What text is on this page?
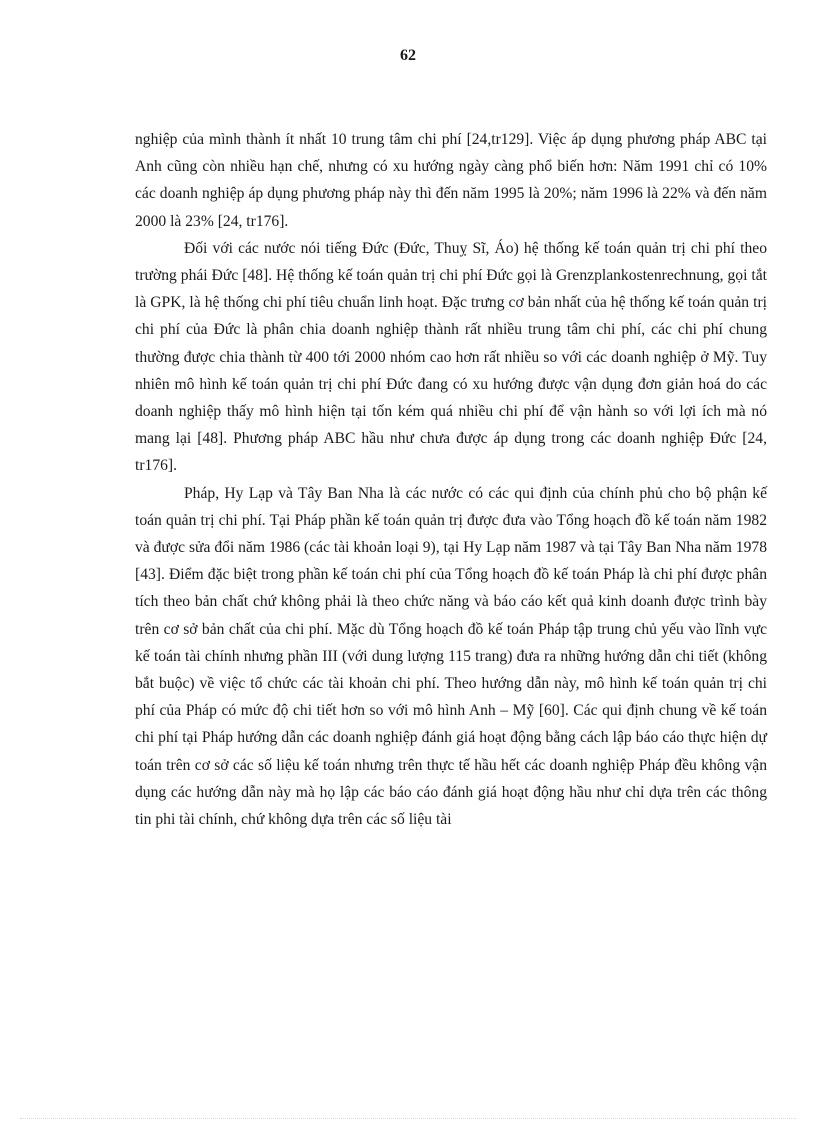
62

nghiệp của mình thành ít nhất 10 trung tâm chi phí [24,tr129]. Việc áp dụng phương pháp ABC tại Anh cũng còn nhiều hạn chế, nhưng có xu hướng ngày càng phổ biến hơn: Năm 1991 chỉ có 10% các doanh nghiệp áp dụng phương pháp này thì đến năm 1995 là 20%; năm 1996 là 22% và đến năm 2000 là 23% [24, tr176].

Đối với các nước nói tiếng Đức (Đức, Thuỵ Sĩ, Áo) hệ thống kế toán quản trị chi phí theo trường phái Đức [48]. Hệ thống kế toán quản trị chi phí Đức gọi là Grenzplankostenrechnung, gọi tắt là GPK, là hệ thống chi phí tiêu chuẩn linh hoạt. Đặc trưng cơ bản nhất của hệ thống kế toán quản trị chi phí của Đức là phân chia doanh nghiệp thành rất nhiều trung tâm chi phí, các chi phí chung thường được chia thành từ 400 tới 2000 nhóm cao hơn rất nhiều so với các doanh nghiệp ở Mỹ. Tuy nhiên mô hình kế toán quản trị chi phí Đức đang có xu hướng được vận dụng đơn giản hoá do các doanh nghiệp thấy mô hình hiện tại tốn kém quá nhiều chi phí để vận hành so với lợi ích mà nó mang lại [48]. Phương pháp ABC hầu như chưa được áp dụng trong các doanh nghiệp Đức [24, tr176].

Pháp, Hy Lạp và Tây Ban Nha là các nước có các qui định của chính phủ cho bộ phận kế toán quản trị chi phí. Tại Pháp phần kế toán quản trị được đưa vào Tổng hoạch đồ kế toán năm 1982 và được sửa đổi năm 1986 (các tài khoản loại 9), tại Hy Lạp năm 1987 và tại Tây Ban Nha năm 1978 [43]. Điểm đặc biệt trong phần kế toán chi phí của Tổng hoạch đồ kế toán Pháp là chi phí được phân tích theo bản chất chứ không phải là theo chức năng và báo cáo kết quả kinh doanh được trình bày trên cơ sở bản chất của chi phí. Mặc dù Tổng hoạch đồ kế toán Pháp tập trung chủ yếu vào lĩnh vực kế toán tài chính nhưng phần III (với dung lượng 115 trang) đưa ra những hướng dẫn chi tiết (không bắt buộc) về việc tổ chức các tài khoản chi phí. Theo hướng dẫn này, mô hình kế toán quản trị chi phí của Pháp có mức độ chi tiết hơn so với mô hình Anh – Mỹ [60]. Các qui định chung về kế toán chi phí tại Pháp hướng dẫn các doanh nghiệp đánh giá hoạt động bằng cách lập báo cáo thực hiện dự toán trên cơ sở các số liệu kế toán nhưng trên thực tế hầu hết các doanh nghiệp Pháp đều không vận dụng các hướng dẫn này mà họ lập các báo cáo đánh giá hoạt động hầu như chỉ dựa trên các thông tin phi tài chính, chứ không dựa trên các số liệu tài
